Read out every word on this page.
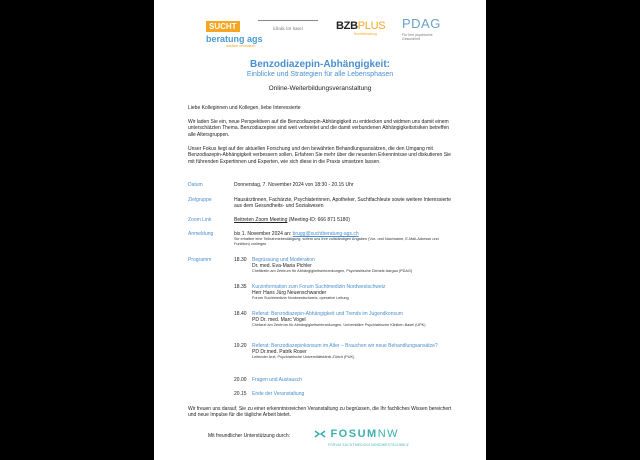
SUCHT
beratung ags
ansätze verändern.
klinik im hasel	BZBPLUS
Suchtberatung
PDAG
Für Ihre psychische Gesundheit
Benzodiazepin-Abhängigkeit:
Einblicke und Strategien für alle Lebensphasen
Online-Weiterbildungsveranstaltung

Liebe Kolleginnen und Kollegen, liebe Interessierte

Wir laden Sie ein, neue Perspektiven auf die Benzodiazepin-Abhängigkeit zu entdecken und widmen uns damit einem unterschätzten Thema. Benzodiazepine sind weit verbreitet und die damit verbundenen Abhängigkeitsrisiken betreffen alle Altersgruppen.

Unser Fokus liegt auf der aktuellen Forschung und den bewährten Behandlungsansätzen, die den Umgang mit Benzodiazepin-Abhängigkeit verbessern sollen. Erfahren Sie mehr über die neuesten Erkenntnisse und diskutieren Sie mit führenden Expertinnen und Experten, wie sich diese in die Praxis umsetzen lassen.

Datum	Donnerstag, 7. November 2024 von 18:30 - 20.15 Uhr
Zielgruppe	Hausärztinnen, Fachärzte, Psychiaterinnen, Apotheker, Suchtfachleute sowie weitere Interessierte aus dem Gesundheits- und Sozialwesen
Zoom Link	Beitreten Zoom Meeting (Meeting-ID: 666 871 5180)
Anmeldung	bis 1. November 2024 an: brugg@suchtberatung-ags.ch
Sie erhalten eine Teilnahmebestätigung, sofern uns Ihre vollständigen Angaben (Vor- und Nachname, E-Mail-Adresse und Funktion) vorliegen.
Programm	18.30 Begrüssung und Moderation
Dr. med. Eva-Maria Pichler
Chefärztin am Zentrum für Abhängigkeitserkrankungen, Psychiatrische Dienste Aargau (PDAG)
18.35 Kurzinformation zum Forum Suchtmedizin Nordwestschweiz
Herr Hans Jürg Neuenschwander
Forum Suchtmedizin Nordwestschweiz, operative Leitung
18.40 Referat: Benzodiazepin-Abhängigkeit und Trends im Jugendkonsum
PD Dr. med. Marc Vogel
Chefarzt am Zentrum für Abhängigkeitserkrankungen, Universitäre Psychiatrische Kliniken Basel (UPK)
19.20 Referat: Benzodiazepinkonsum im Alter – Brauchen wir neue Behandlungsansätze?
PD Dr.med. Patrik Roser
Leitender Arzt, Psychiatrische Universitätsklinik Zürich (PUK)
20.00 Fragen und Austausch
20.15 Ende der Veranstaltung

Wir freuen uns darauf, Sie zu einer erkenntnisreichen Veranstaltung zu begrüssen, die Ihr fachliches Wissen bereichert und neue Impulse für die tägliche Arbeit bietet.

Mit freundlicher Unterstützung durch:	FOSUMNW
FORUM SUCHTMEDIZIN NORDWESTSCHWEIZ
